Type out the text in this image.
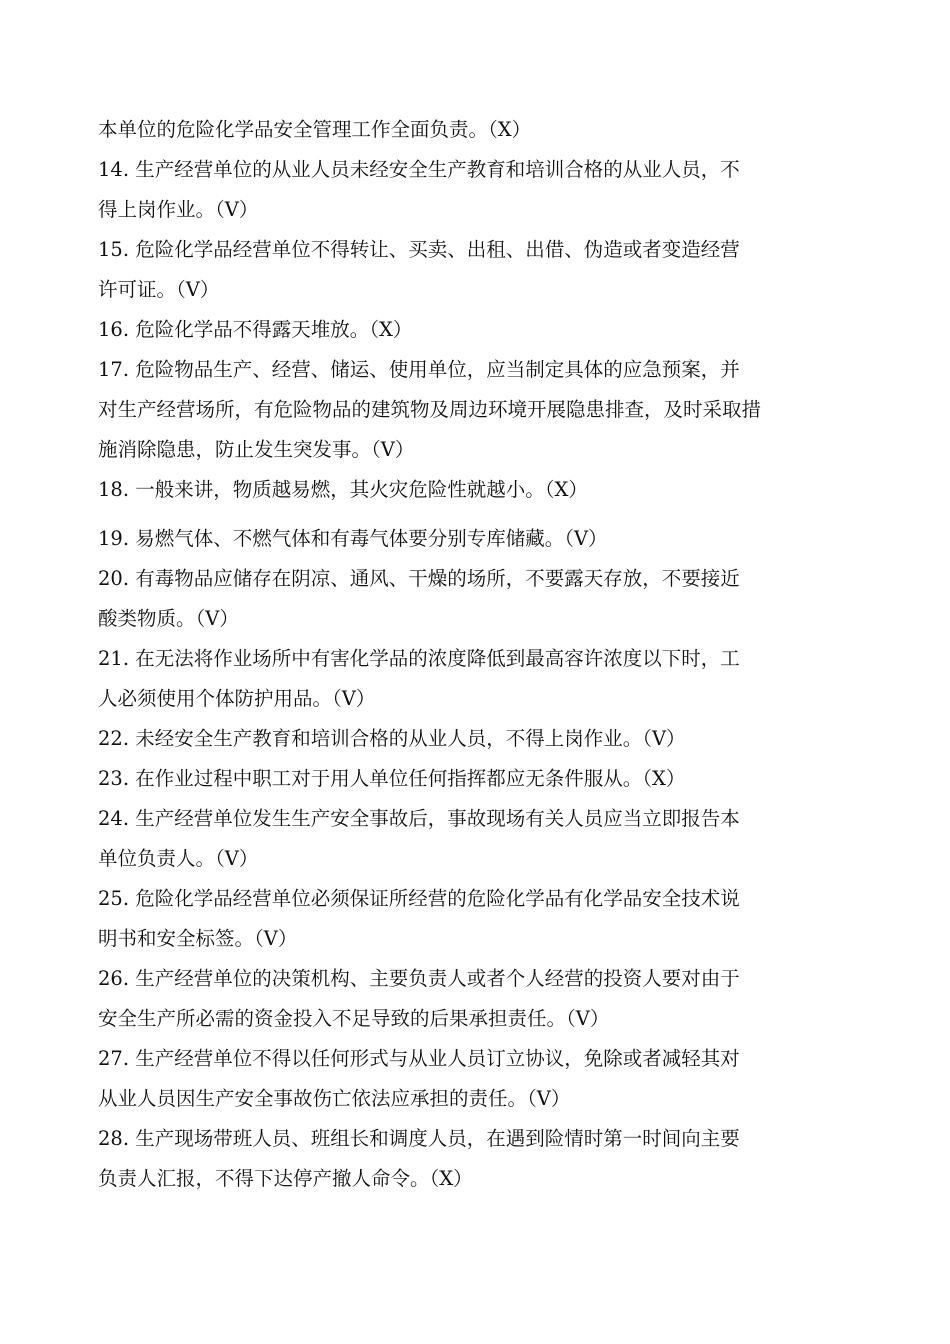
本单位的危险化学品安全管理工作全面负责。（X）
14. 生产经营单位的从业人员未经安全生产教育和培训合格的从业人员，不
得上岗作业。（V）
15. 危险化学品经营单位不得转让、买卖、出租、出借、伪造或者变造经营
许可证。（V）
16. 危险化学品不得露天堆放。（X）
17. 危险物品生产、经营、储运、使用单位，应当制定具体的应急预案，并
对生产经营场所，有危险物品的建筑物及周边环境开展隐患排查，及时采取措
施消除隐患，防止发生突发事。（V）
18. 一般来讲，物质越易燃，其火灾危险性就越小。（X）
19. 易燃气体、不燃气体和有毒气体要分别专库储藏。（V）
20. 有毒物品应储存在阴凉、通风、干燥的场所，不要露天存放，不要接近
酸类物质。（V）
21. 在无法将作业场所中有害化学品的浓度降低到最高容许浓度以下时，工
人必须使用个体防护用品。（V）
22. 未经安全生产教育和培训合格的从业人员，不得上岗作业。（V）
23. 在作业过程中职工对于用人单位任何指挥都应无条件服从。（X）
24. 生产经营单位发生生产安全事故后，事故现场有关人员应当立即报告本
单位负责人。（V）
25. 危险化学品经营单位必须保证所经营的危险化学品有化学品安全技术说
明书和安全标签。（V）
26. 生产经营单位的决策机构、主要负责人或者个人经营的投资人要对由于
安全生产所必需的资金投入不足导致的后果承担责任。（V）
27. 生产经营单位不得以任何形式与从业人员订立协议，免除或者减轻其对
从业人员因生产安全事故伤亡依法应承担的责任。（V）
28. 生产现场带班人员、班组长和调度人员，在遇到险情时第一时间向主要
负责人汇报，不得下达停产撤人命令。（X）
